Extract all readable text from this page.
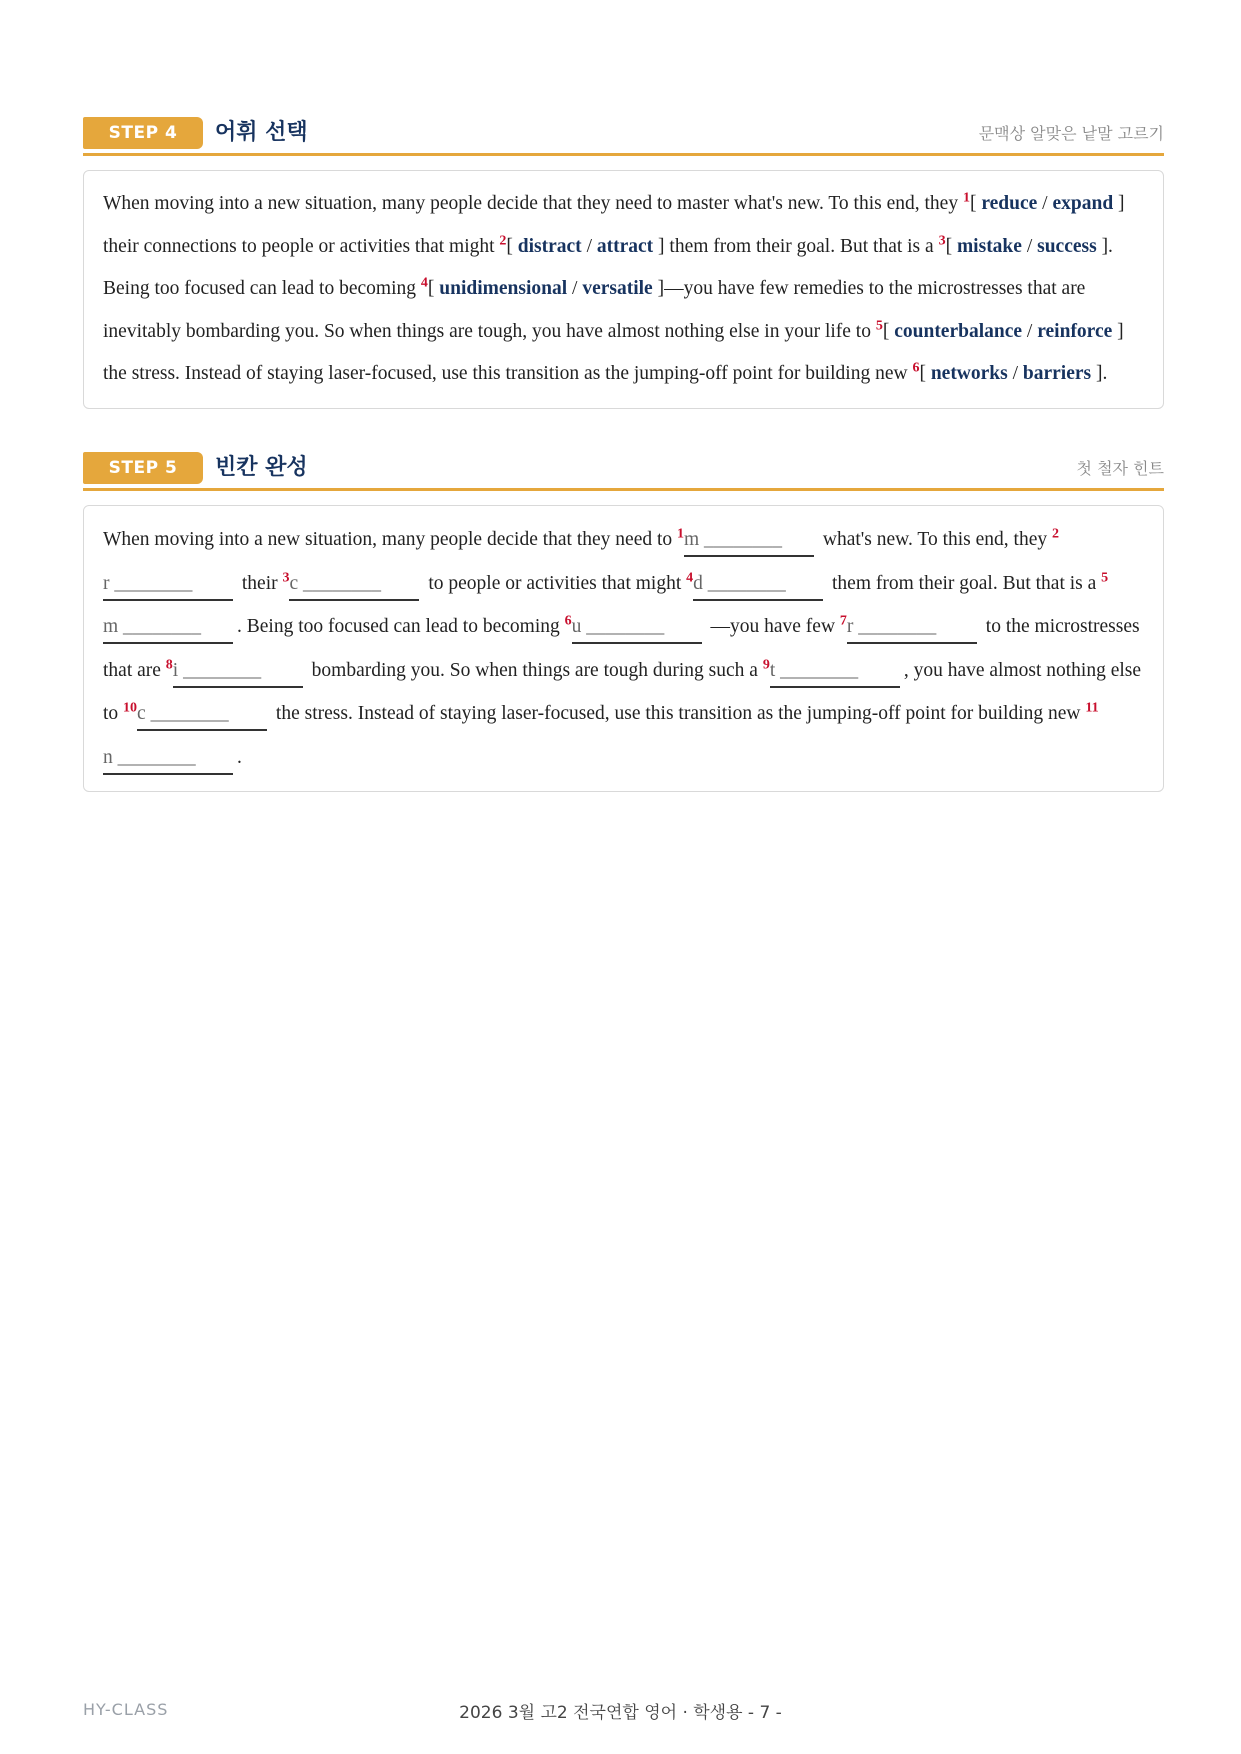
STEP 4	어휘 선택	문맥상 알맞은 낱말 고르기
When moving into a new situation, many people decide that they need to master what's new. To this end, they $^1$[ reduce / expand ] their connections to people or activities that might $^2$[ distract / attract ] them from their goal. But that is a $^3$[ mistake / success ]. Being too focused can lead to becoming $^4$[ unidimensional / versatile ]—you have few remedies to the microstresses that are inevitably bombarding you. So when things are tough, you have almost nothing else in your life to $^5$[ counterbalance / reinforce ] the stress. Instead of staying laser-focused, use this transition as the jumping-off point for building new $^6$[ networks / barriers ].
STEP 5	빈칸 완성	첫 철자 힌트
When moving into a new situation, many people decide that they need to $^1$m ________ what's new. To this end, they $^2$r ________ their $^3$c ________ to people or activities that might $^4$d ________ them from their goal. But that is a $^5$m ________ . Being too focused can lead to becoming $^6$u ________ —you have few $^7$r ________ to the microstresses that are $^8$i ________ bombarding you. So when things are tough during such a $^9$t ________ , you have almost nothing else to $^{10}$c ________ the stress. Instead of staying laser-focused, use this transition as the jumping-off point for building new $^{11}$n ________ .
HY-CLASS	2026 3월 고2 전국연합 영어 · 학생용 - 7 -
